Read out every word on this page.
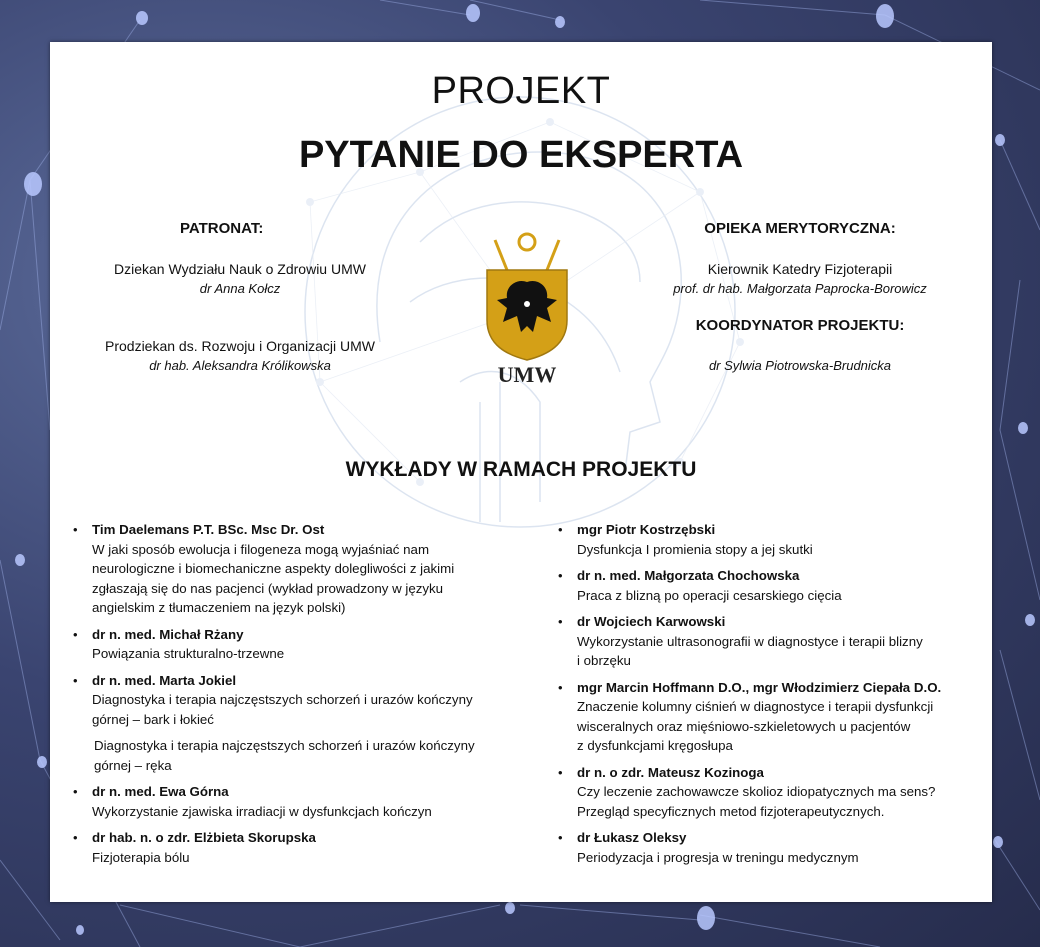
PROJEKT
PYTANIE DO EKSPERTA
PATRONAT:
Dziekan Wydziału Nauk o Zdrowiu UMW
dr Anna Kołcz
Prodziekan ds. Rozwoju i Organizacji UMW
dr hab. Aleksandra Królikowska
OPIEKA MERYTORYCZNA:
Kierownik Katedry Fizjoterapii
prof. dr hab. Małgorzata Paprocka-Borowicz
KOORDYNATOR PROJEKTU:
dr Sylwia Piotrowska-Brudnicka
UMW
WYKŁADY W RAMACH PROJEKTU
• Tim Daelemans P.T. BSc. Msc Dr. Ost
W jaki sposób ewolucja i filogeneza mogą wyjaśniać nam
neurologiczne i biomechaniczne aspekty dolegliwości z jakimi
zgłaszają się do nas pacjenci (wykład prowadzony w języku
angielskim z tłumaczeniem na język polski)
• dr n. med. Michał Rżany
Powiązania strukturalno-trzewne
• dr n. med. Marta Jokiel
Diagnostyka i terapia najczęstszych schorzeń i urazów kończyny
górnej – bark i łokieć
Diagnostyka i terapia najczęstszych schorzeń i urazów kończyny
górnej – ręka
• dr n. med. Ewa Górna
Wykorzystanie zjawiska irradiacji w dysfunkcjach kończyn
• dr hab. n. o zdr. Elżbieta Skorupska
Fizjoterapia bólu
• mgr Piotr Kostrzębski
Dysfunkcja I promienia stopy a jej skutki
• dr n. med. Małgorzata Chochowska
Praca z blizną po operacji cesarskiego cięcia
• dr Wojciech Karwowski
Wykorzystanie ultrasonografii w diagnostyce i terapii blizny
i obrzęku
• mgr Marcin Hoffmann D.O., mgr Włodzimierz Ciepała D.O.
Znaczenie kolumny ciśnień w diagnostyce i terapii dysfunkcji
wisceralnych oraz mięśniowo-szkieletowych u pacjentów
z dysfunkcjami kręgosłupa
• dr n. o zdr. Mateusz Kozinoga
Czy leczenie zachowawcze skolioz idiopatycznych ma sens?
Przegląd specyficznych metod fizjoterapeutycznych.
• dr Łukasz Oleksy
Periodyzacja i progresja w treningu medycznym
